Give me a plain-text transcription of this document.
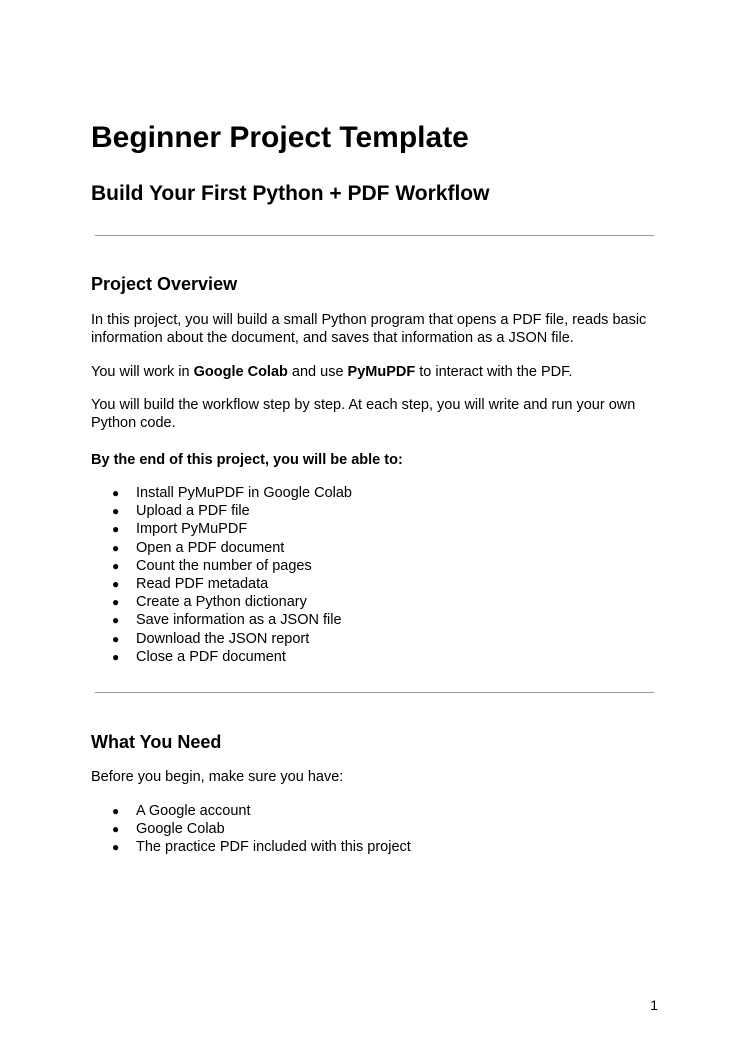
Beginner Project Template
Build Your First Python + PDF Workflow
Project Overview

In this project, you will build a small Python program that opens a PDF file, reads basic information about the document, and saves that information as a JSON file.

You will work in Google Colab and use PyMuPDF to interact with the PDF.

You will build the workflow step by step. At each step, you will write and run your own Python code.

By the end of this project, you will be able to:

● Install PyMuPDF in Google Colab
● Upload a PDF file
● Import PyMuPDF
● Open a PDF document
● Count the number of pages
● Read PDF metadata
● Create a Python dictionary
● Save information as a JSON file
● Download the JSON report
● Close a PDF document
What You Need

Before you begin, make sure you have:

● A Google account
● Google Colab
● The practice PDF included with this project
1
